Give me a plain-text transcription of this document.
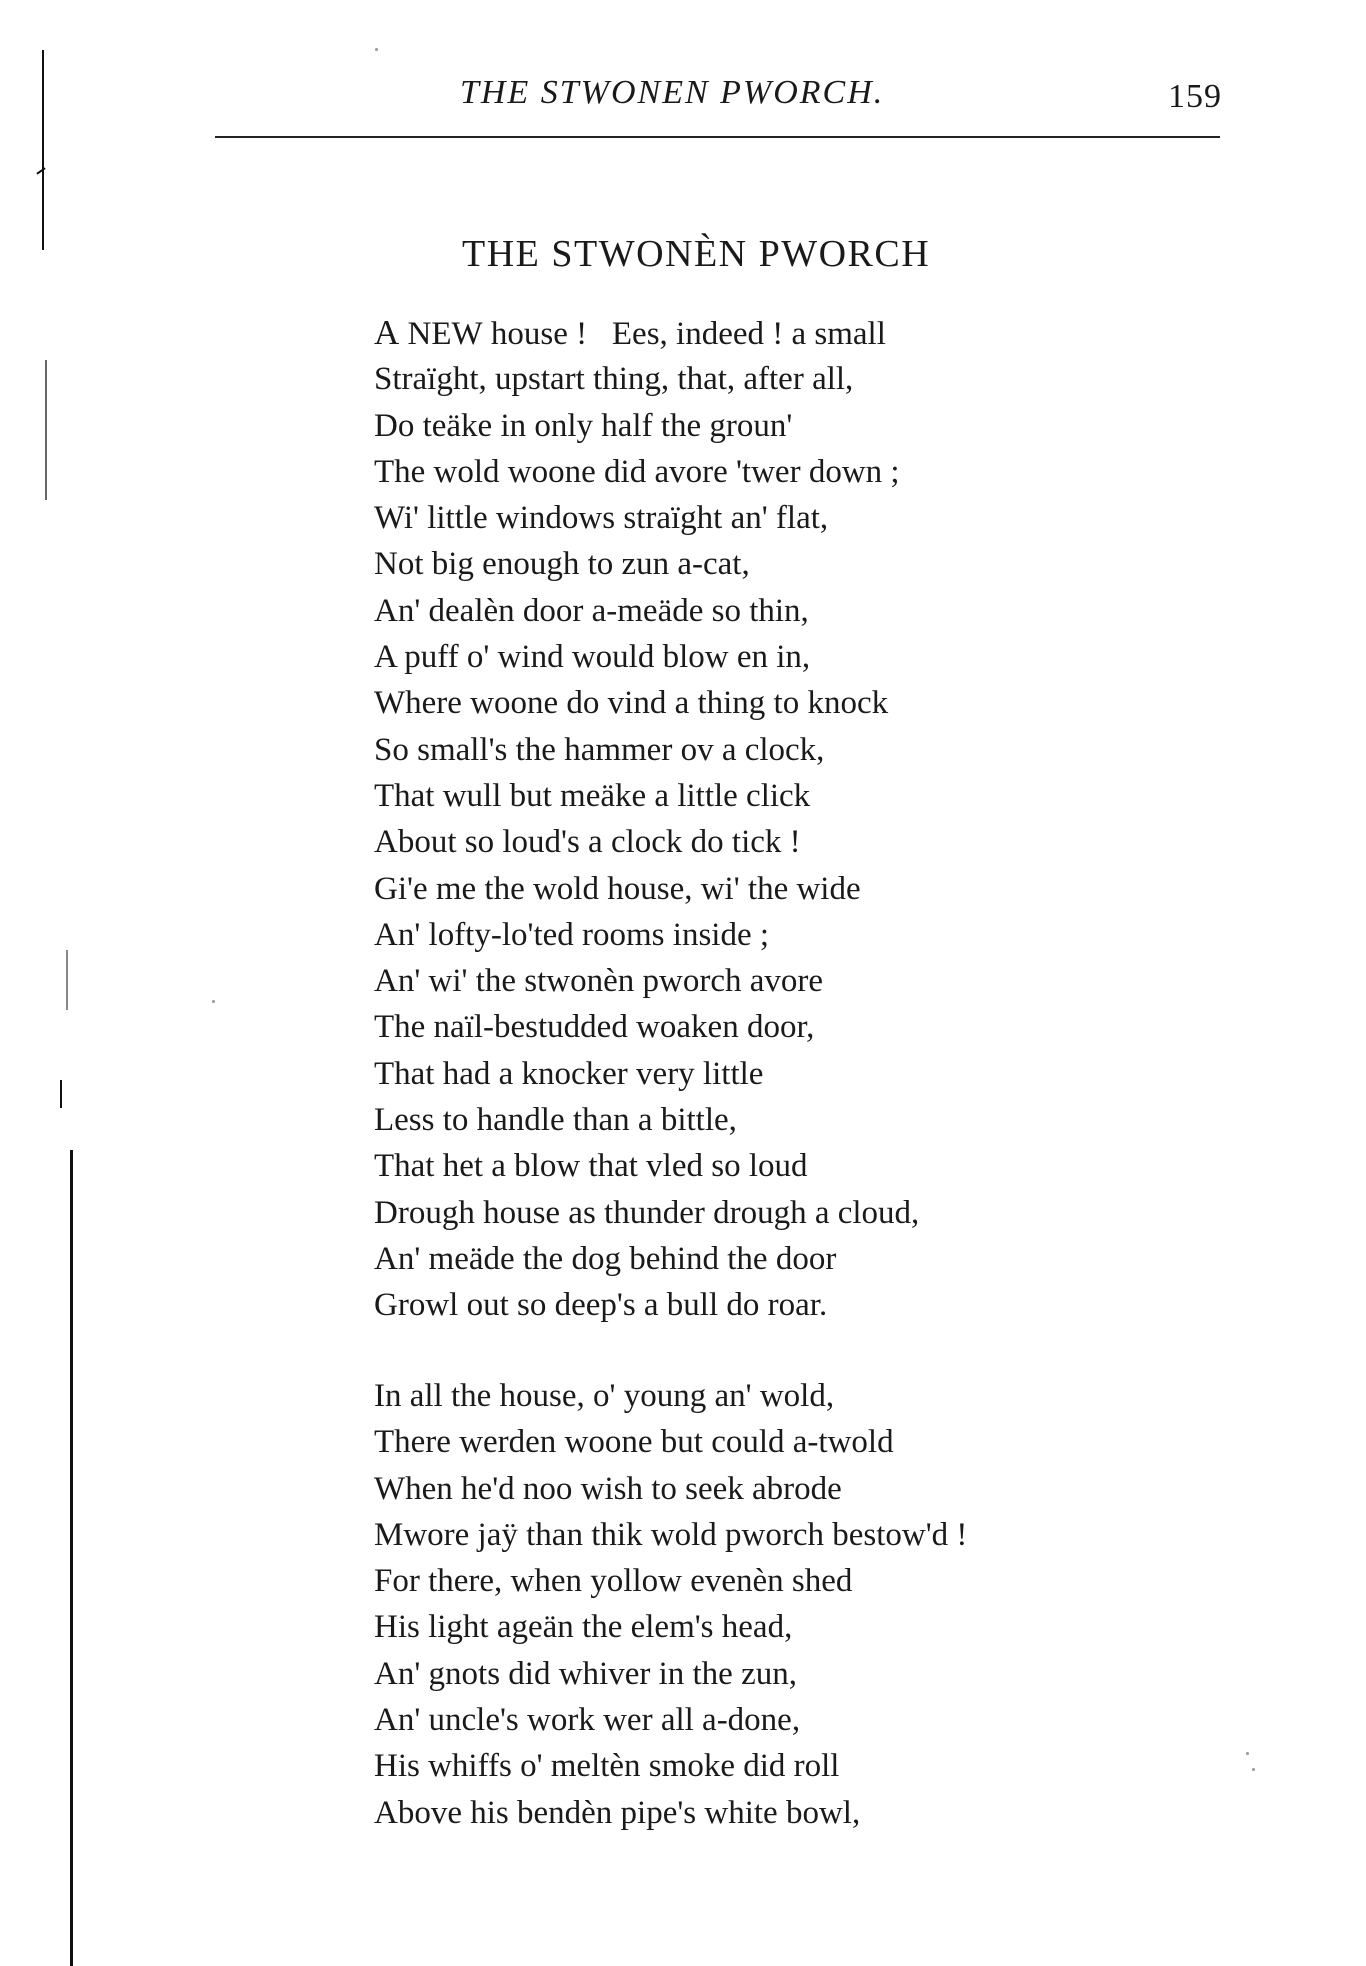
THE STWONEN PWORCH.	159
THE STWONÈN PWORCH
A NEW house !   Ees, indeed ! a small
Straïght, upstart thing, that, after all,
Do teäke in only half the groun'
The wold woone did avore 'twer down ;
Wi' little windows straïght an' flat,
Not big enough to zun a-cat,
An' dealèn door a-meäde so thin,
A puff o' wind would blow en in,
Where woone do vind a thing to knock
So small's the hammer ov a clock,
That wull but meäke a little click
About so loud's a clock do tick !
Gi'e me the wold house, wi' the wide
An' lofty-lo'ted rooms inside ;
An' wi' the stwonèn pworch avore
The naïl-bestudded woaken door,
That had a knocker very little
Less to handle than a bittle,
That het a blow that vled so loud
Drough house as thunder drough a cloud,
An' meäde the dog behind the door
Growl out so deep's a bull do roar.
In all the house, o' young an' wold,
There werden woone but could a-twold
When he'd noo wish to seek abrode
Mwore jaÿ than thik wold pworch bestow'd !
For there, when yollow evenèn shed
His light ageän the elem's head,
An' gnots did whiver in the zun,
An' uncle's work wer all a-done,
His whiffs o' meltèn smoke did roll
Above his bendèn pipe's white bowl,
